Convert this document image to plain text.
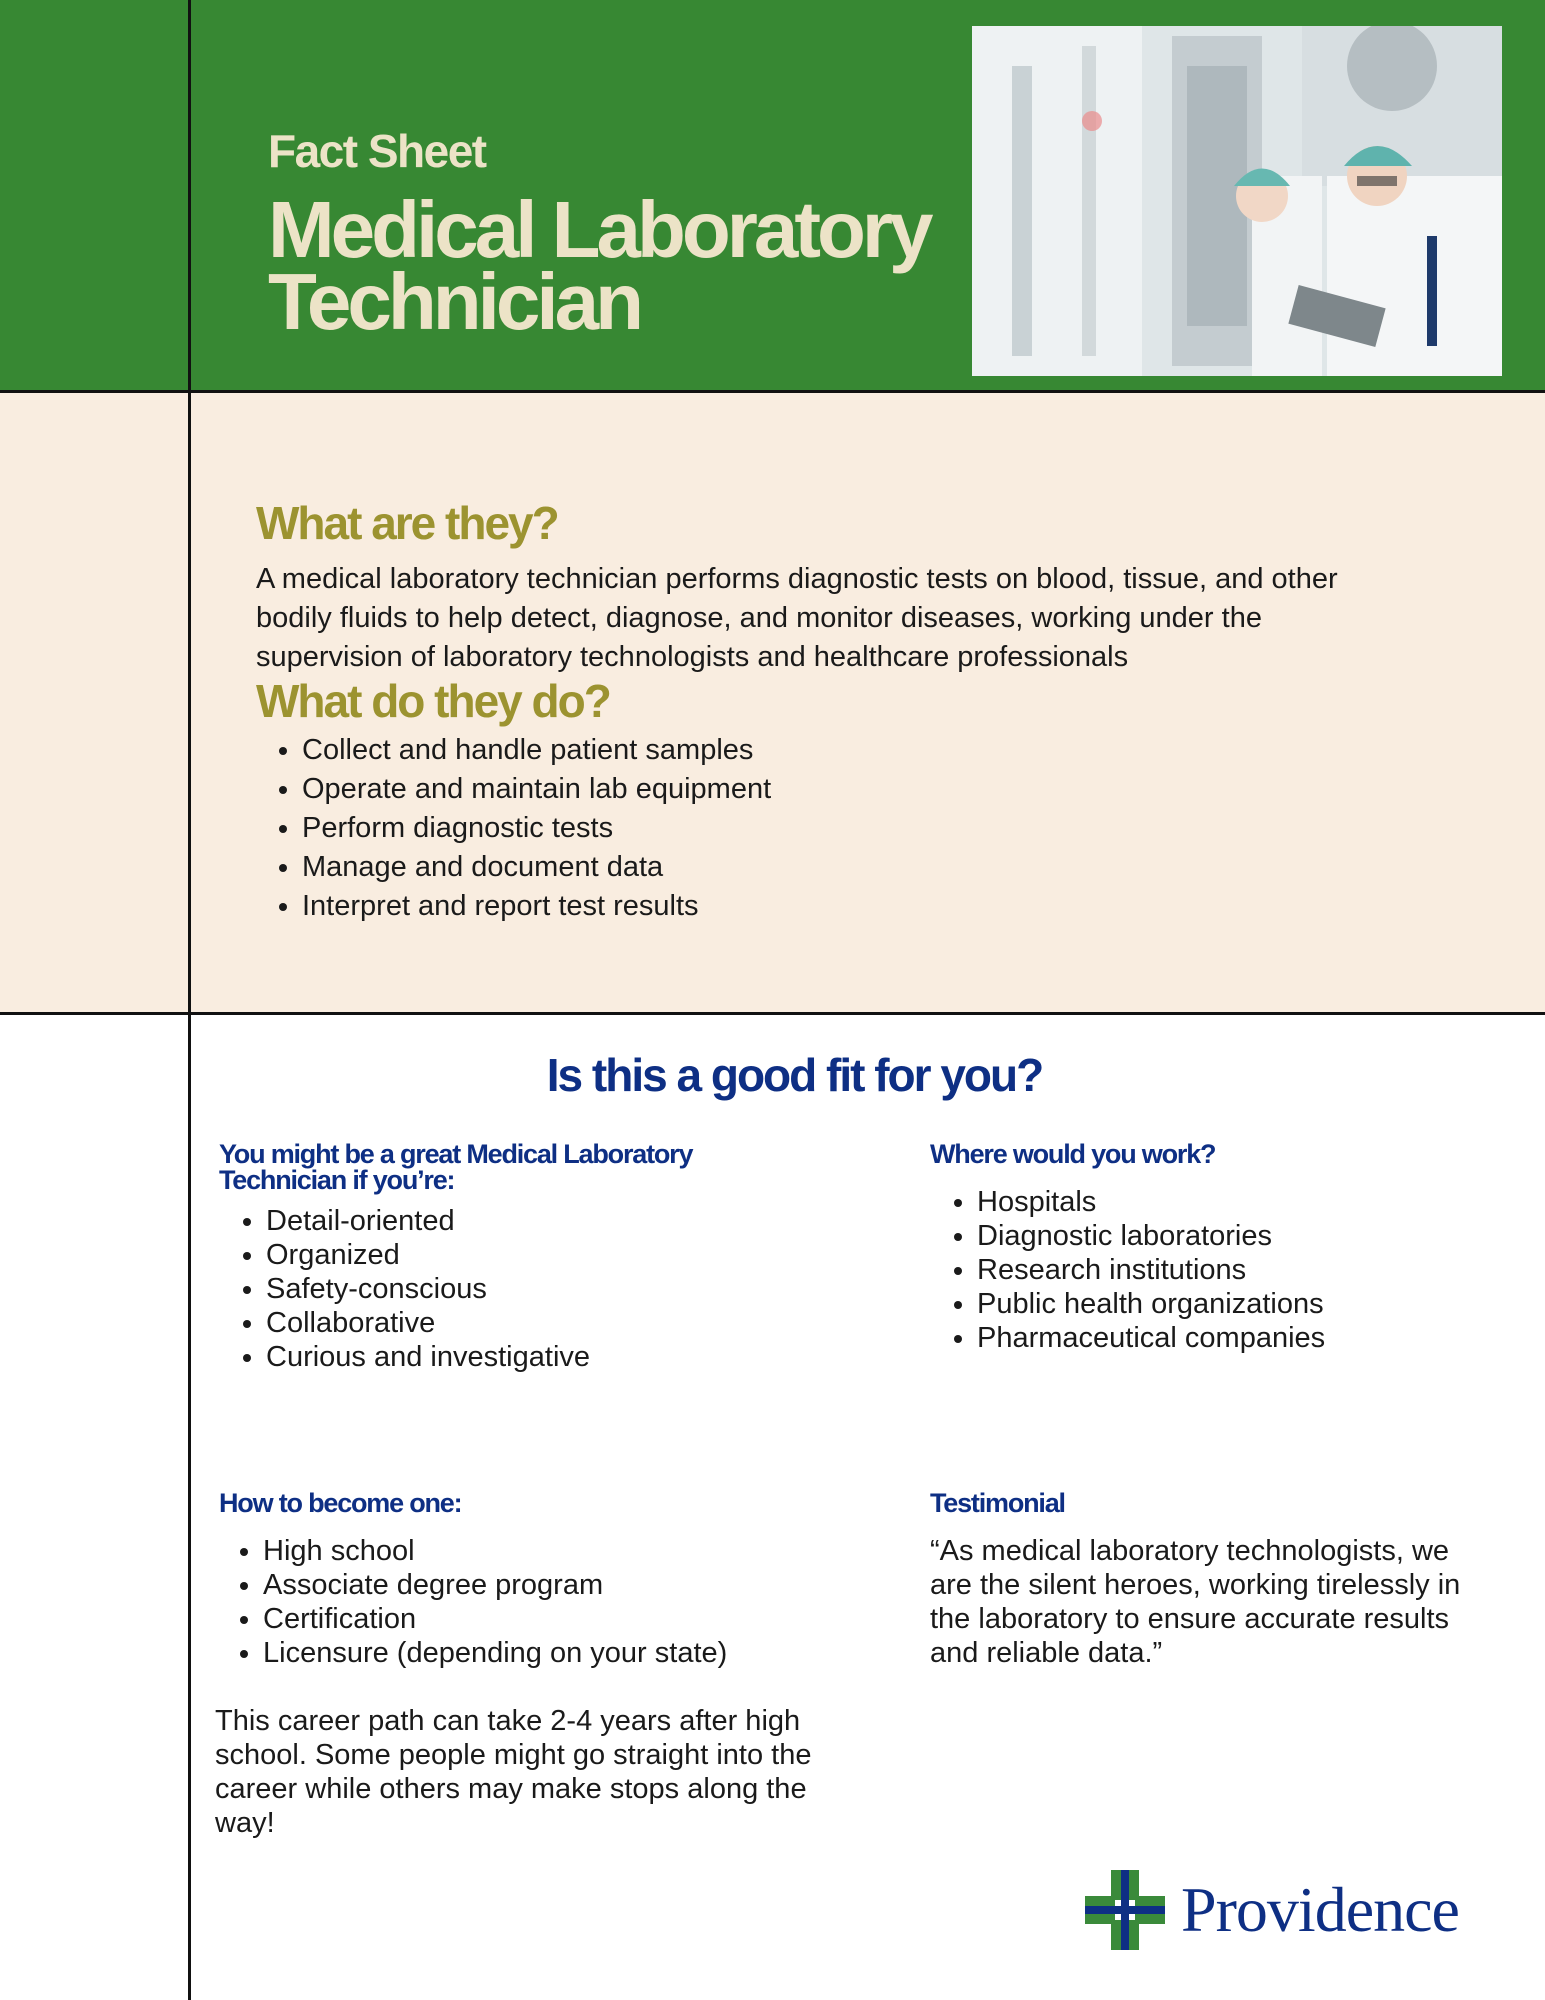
Fact Sheet
Medical Laboratory
Technician
What are they?
A medical laboratory technician performs diagnostic tests on blood, tissue, and other bodily fluids to help detect, diagnose, and monitor diseases, working under the supervision of laboratory technologists and healthcare professionals
What do they do?
• Collect and handle patient samples
• Operate and maintain lab equipment
• Perform diagnostic tests
• Manage and document data
• Interpret and report test results
Is this a good fit for you?
You might be a great Medical Laboratory Technician if you’re:
• Detail-oriented
• Organized
• Safety-conscious
• Collaborative
• Curious and investigative
Where would you work?
• Hospitals
• Diagnostic laboratories
• Research institutions
• Public health organizations
• Pharmaceutical companies
How to become one:
• High school
• Associate degree program
• Certification
• Licensure (depending on your state)
This career path can take 2-4 years after high school. Some people might go straight into the career while others may make stops along the way!
Testimonial
“As medical laboratory technologists, we are the silent heroes, working tirelessly in the laboratory to ensure accurate results and reliable data.”
Providence
